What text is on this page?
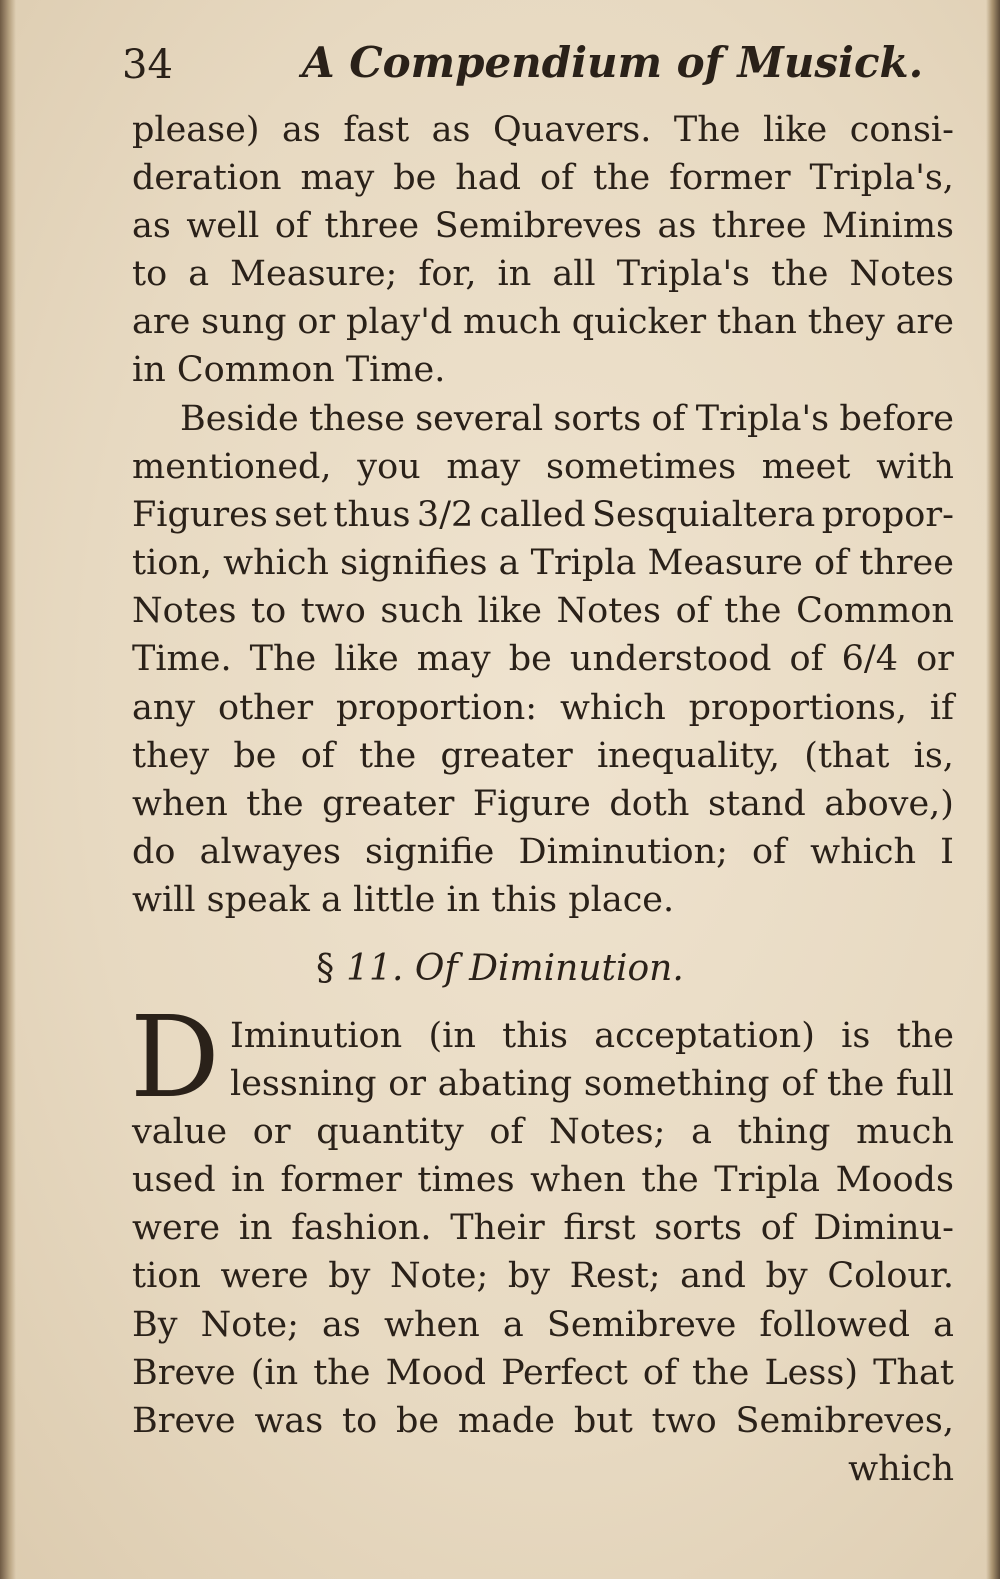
34	A Compendium of Musick.
please) as fast as Quavers. The like consi-
deration may be had of the former Tripla's,
as well of three Semibreves as three Minims
to a Measure; for, in all Tripla's the Notes
are sung or play'd much quicker than they are
in Common Time.
Beside these several sorts of Tripla's before
mentioned, you may sometimes meet with
Figures set thus 3/2 called Sesquialtera propor-
tion, which signifies a Tripla Measure of three
Notes to two such like Notes of the Common
Time. The like may be understood of 6/4 or
any other proportion: which proportions, if
they be of the greater inequality, (that is,
when the greater Figure doth stand above,)
do alwayes signifie Diminution; of which I
will speak a little in this place.
§ 11. Of Diminution.
D Iminution (in this acceptation) is the
lessning or abating something of the full
value or quantity of Notes; a thing much
used in former times when the Tripla Moods
were in fashion. Their first sorts of Diminu-
tion were by Note; by Rest; and by Colour.
By Note; as when a Semibreve followed a
Breve (in the Mood Perfect of the Less) That
Breve was to be made but two Semibreves,
which
